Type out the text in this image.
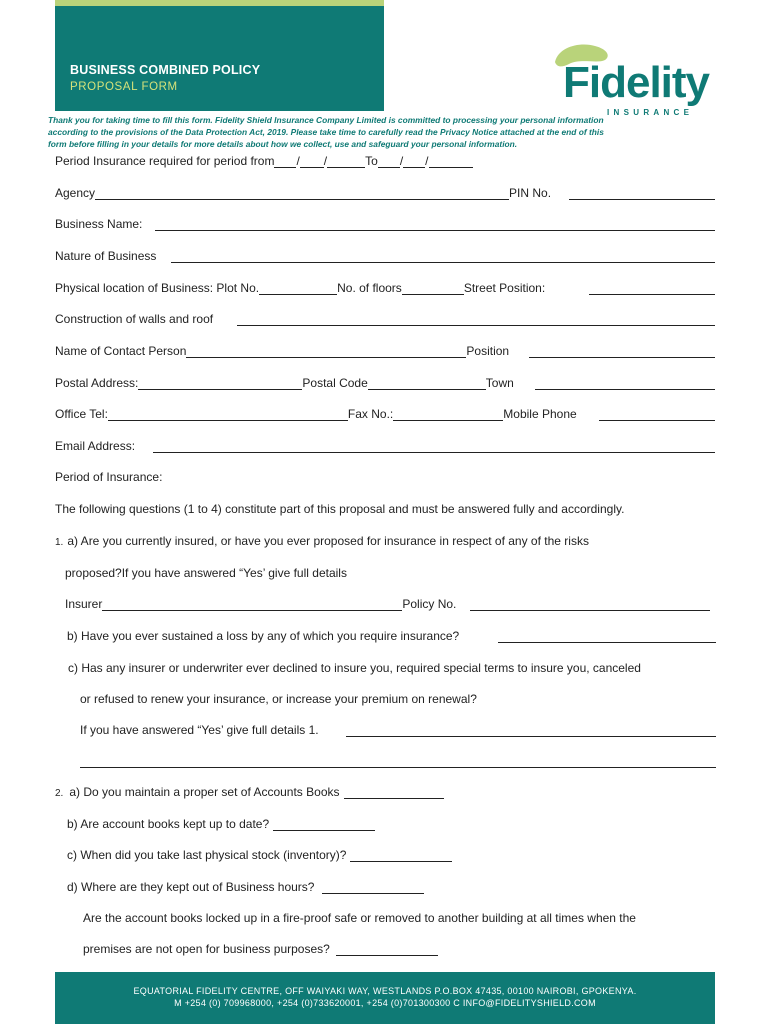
BUSINESS COMBINED POLICY
PROPOSAL FORM	Fidelity
INSURANCE

Thank you for taking time to fill this form. Fidelity Shield Insurance Company Limited is committed to processing your personal information

according to the provisions of the Data Protection Act, 2019. Please take time to carefully read the Privacy Notice attached at the end of this

form before filling in your details for more details about how we collect, use and safeguard your personal information.

Period Insurance required for period from / /	To / /
Agency	PIN No.
Business Name:
Nature of Business
Physical location of Business: Plot No.	No. of floors	Street Position:
Construction of walls and roof
Name of Contact Person	Position
Postal Address:	Postal Code	Town
Office Tel:	Fax No.:	Mobile Phone
Email Address:
Period of Insurance:
The following questions (1 to 4) constitute part of this proposal and must be answered fully and accordingly.
1. a) Are you currently insured, or have you ever proposed for insurance in respect of any of the risks
proposed?If you have answered “Yes’ give full details
Insurer	Policy No.
b) Have you ever sustained a loss by any of which you require insurance?
c) Has any insurer or underwriter ever declined to insure you, required special terms to insure you, canceled
or refused to renew your insurance, or increase your premium on renewal?
If you have answered “Yes’ give full details 1.
2. a) Do you maintain a proper set of Accounts Books
b) Are account books kept up to date?
c) When did you take last physical stock (inventory)?
d) Where are they kept out of Business hours?
Are the account books locked up in a fire-proof safe or removed to another building at all times when the
premises are not open for business purposes?
EQUATORIAL FIDELITY CENTRE, OFF WAIYAKI WAY, WESTLANDS P.O.BOX 47435, 00100 NAIROBI, GPOKENYA.
M +254 (0) 709968000, +254 (0)733620001, +254 (0)701300300 C INFO@FIDELITYSHIELD.COM
